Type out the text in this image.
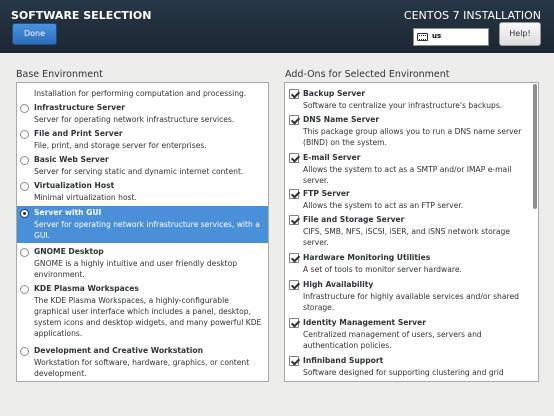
SOFTWARE SELECTION
Done
CENTOS 7 INSTALLATION
us	Help!
Base Environment	Add-Ons for Selected Environment
Installation for performing computation and processing.
Infrastructure Server
Server for operating network infrastructure services.
File and Print Server
File, print, and storage server for enterprises.
Basic Web Server
Server for serving static and dynamic internet content.
Virtualization Host
Minimal virtualization host.
Server with GUI
Server for operating network infrastructure services, with a GUI.
GNOME Desktop
GNOME is a highly intuitive and user friendly desktop environment.
KDE Plasma Workspaces
The KDE Plasma Workspaces, a highly-configurable graphical user interface which includes a panel, desktop, system icons and desktop widgets, and many powerful KDE applications.
Development and Creative Workstation
Workstation for software, hardware, graphics, or content development.
Backup Server
Software to centralize your infrastructure's backups.
DNS Name Server
This package group allows you to run a DNS name server (BIND) on the system.
E-mail Server
Allows the system to act as a SMTP and/or IMAP e-mail server.
FTP Server
Allows the system to act as an FTP server.
File and Storage Server
CIFS, SMB, NFS, iSCSI, iSER, and iSNS network storage server.
Hardware Monitoring Utilities
A set of tools to monitor server hardware.
High Availability
Infrastructure for highly available services and/or shared storage.
Identity Management Server
Centralized management of users, servers and authentication policies.
Infiniband Support
Software designed for supporting clustering and grid
